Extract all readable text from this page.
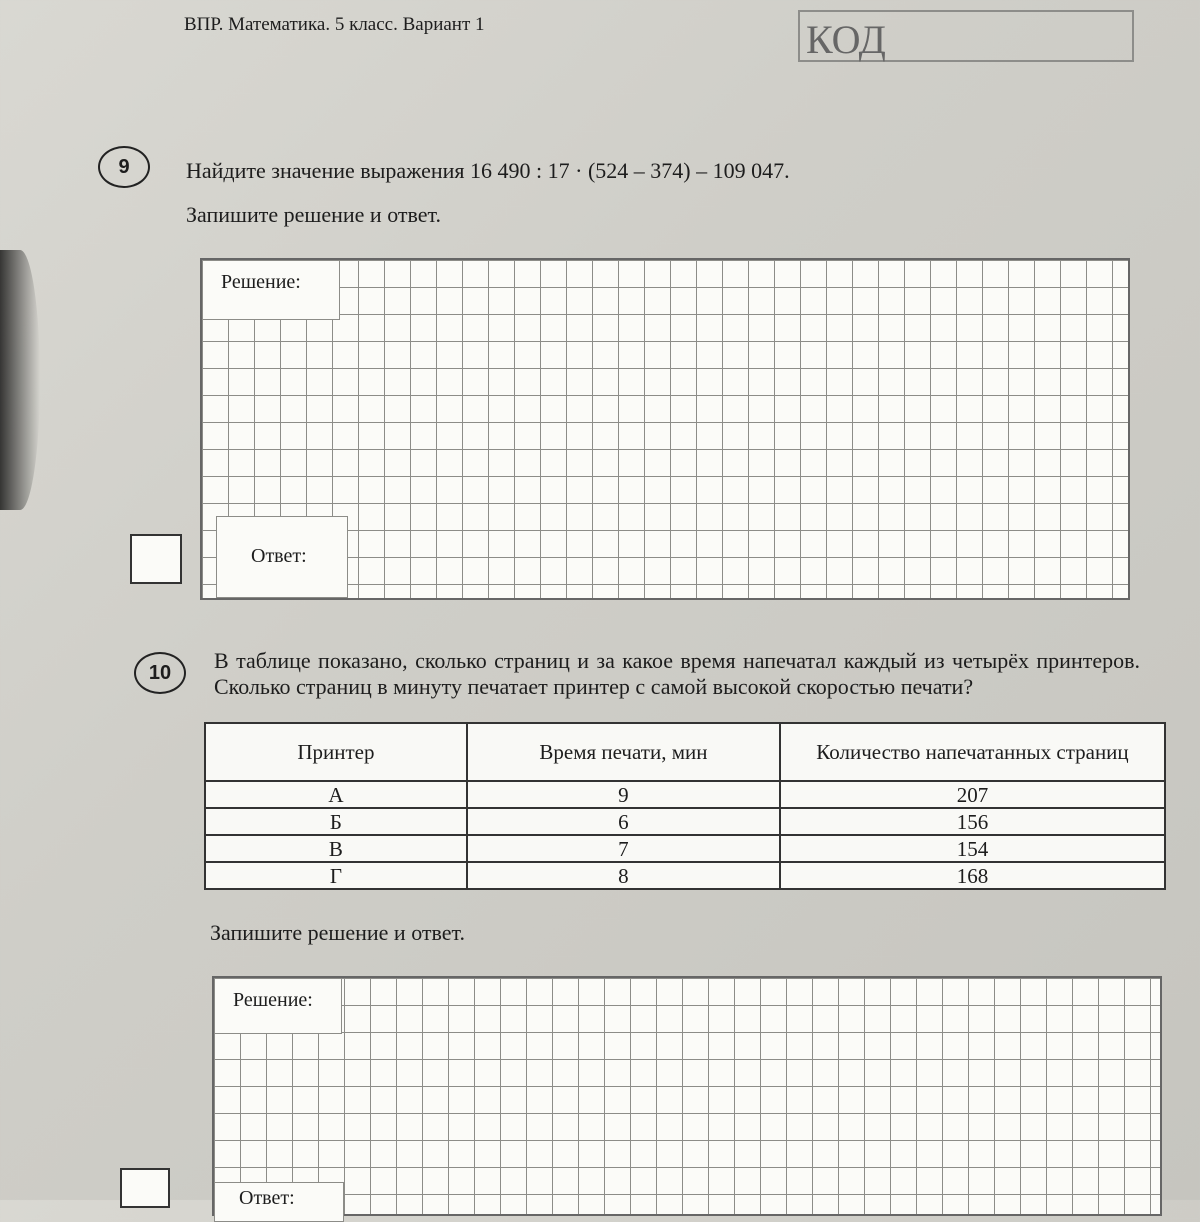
ВПР. Математика. 5 класс. Вариант 1	КОД
9	Найдите значение выражения 16 490 : 17 · (524 – 374) – 109 047.
Запишите решение и ответ.
Решение:
Ответ:
10	В таблице показано, сколько страниц и за какое время напечатал каждый из четырёх принтеров. Сколько страниц в минуту печатает принтер с самой высокой скоростью печати?
Принтер	Время печати, мин	Количество напечатанных страниц
А	9	207
Б	6	156
В	7	154
Г	8	168
Запишите решение и ответ.
Решение:
Ответ:
